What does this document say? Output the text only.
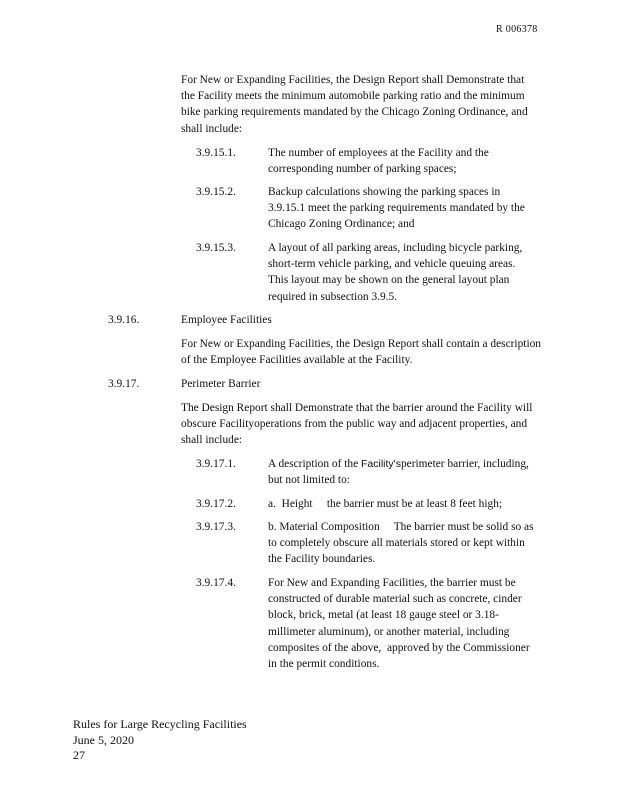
R 006378

For New or Expanding Facilities, the Design Report shall Demonstrate that the Facility meets the minimum automobile parking ratio and the minimum bike parking requirements mandated by the Chicago Zoning Ordinance, and shall include:

3.9.15.1.	The number of employees at the Facility and the corresponding number of parking spaces;
3.9.15.2.	Backup calculations showing the parking spaces in 3.9.15.1 meet the parking requirements mandated by the Chicago Zoning Ordinance; and
3.9.15.3.	A layout of all parking areas, including bicycle parking, short-term vehicle parking, and vehicle queuing areas. This layout may be shown on the general layout plan required in subsection 3.9.5.
3.9.16.	Employee Facilities

For New or Expanding Facilities, the Design Report shall contain a description of the Employee Facilities available at the Facility.

3.9.17.	Perimeter Barrier

The Design Report shall Demonstrate that the barrier around the Facility will obscure Facilityoperations from the public way and adjacent properties, and shall include:

3.9.17.1.	A description of the Facility'sperimeter barrier, including, but not limited to:
3.9.17.2.	a.  Height     the barrier must be at least 8 feet high;
3.9.17.3.	b. Material Composition     The barrier must be solid so as to completely obscure all materials stored or kept within the Facility boundaries.
3.9.17.4.	For New and Expanding Facilities, the barrier must be constructed of durable material such as concrete, cinder block, brick, metal (at least 18 gauge steel or 3.18-millimeter aluminum), or another material, including composites of the above,  approved by the Commissioner in the permit conditions.
Rules for Large Recycling Facilities
June 5, 2020
27
